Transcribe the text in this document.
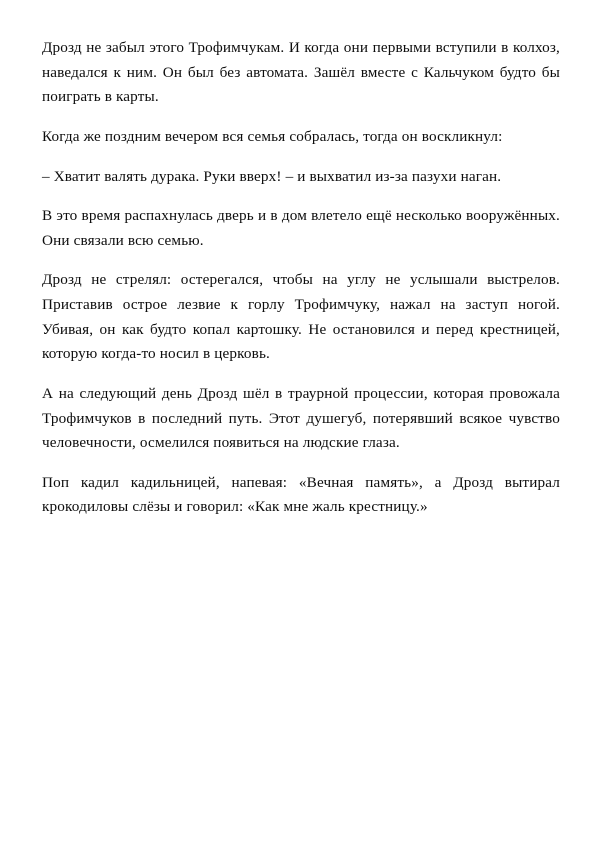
Дрозд не забыл этого Трофимчукам. И когда они первыми вступили в колхоз, наведался к ним. Он был без автомата. Зашёл вместе с Кальчуком будто бы поиграть в карты.

Когда же поздним вечером вся семья собралась, тогда он воскликнул:

– Хватит валять дурака. Руки вверх! – и выхватил из-за пазухи наган.

В это время распахнулась дверь и в дом влетело ещё несколько вооружённых. Они связали всю семью.

Дрозд не стрелял: остерегался, чтобы на углу не услышали выстрелов. Приставив острое лезвие к горлу Трофимчуку, нажал на заступ ногой. Убивая, он как будто копал картошку. Не остановился и перед крестницей, которую когда-то носил в церковь.

А на следующий день Дрозд шёл в траурной процессии, которая провожала Трофимчуков в последний путь. Этот душегуб, потерявший всякое чувство человечности, осмелился появиться на людские глаза.

Поп кадил кадильницей, напевая: «Вечная память», а Дрозд вытирал крокодиловы слёзы и говорил: «Как мне жаль крестницу.»
